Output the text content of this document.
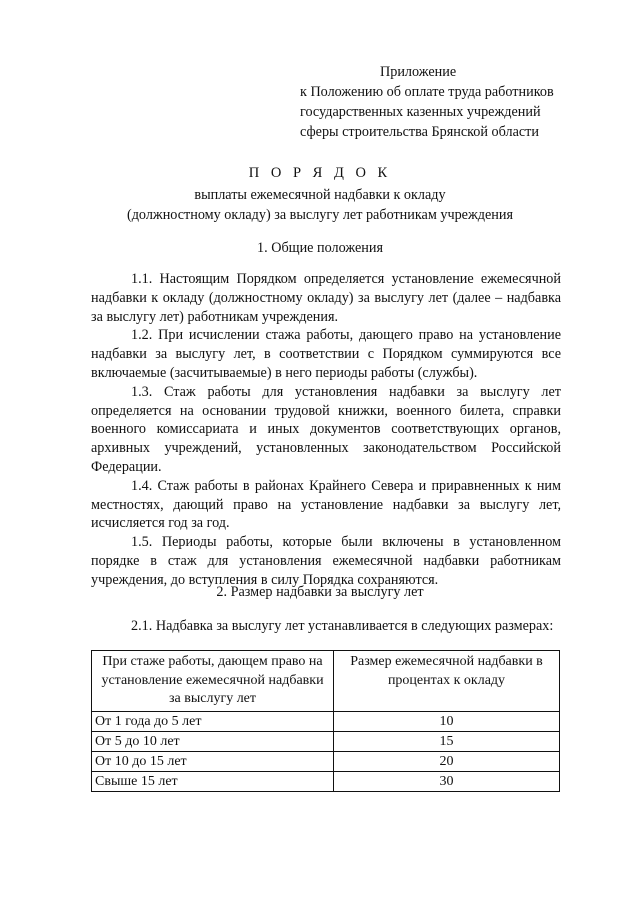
Приложение
к Положению об оплате труда работников
государственных казенных учреждений
сферы строительства Брянской области
П О Р Я Д О К
выплаты ежемесячной надбавки к окладу
(должностному окладу) за выслугу лет работникам учреждения
1. Общие положения

1.1. Настоящим Порядком определяется установление ежемесячной надбавки к окладу (должностному окладу) за выслугу лет (далее – надбавка за выслугу лет) работникам учреждения.

1.2. При исчислении стажа работы, дающего право на установление надбавки за выслугу лет, в соответствии с Порядком суммируются все включаемые (засчитываемые) в него периоды работы (службы).

1.3. Стаж работы для установления надбавки за выслугу лет определяется на основании трудовой книжки, военного билета, справки военного комиссариата и иных документов соответствующих органов, архивных учреждений, установленных законодательством Российской Федерации.

1.4. Стаж работы в районах Крайнего Севера и приравненных к ним местностях, дающий право на установление надбавки за выслугу лет, исчисляется год за год.

1.5. Периоды работы, которые были включены в установленном порядке в стаж для установления ежемесячной надбавки работникам учреждения, до вступления в силу Порядка сохраняются.

2. Размер надбавки за выслугу лет
2.1. Надбавка за выслугу лет устанавливается в следующих размерах:
При стаже работы, дающем право на установление ежемесячной надбавки за выслугу лет	Размер ежемесячной надбавки в процентах к окладу
От 1 года до 5 лет	10
От 5 до 10 лет	15
От 10 до 15 лет	20
Свыше 15 лет	30
